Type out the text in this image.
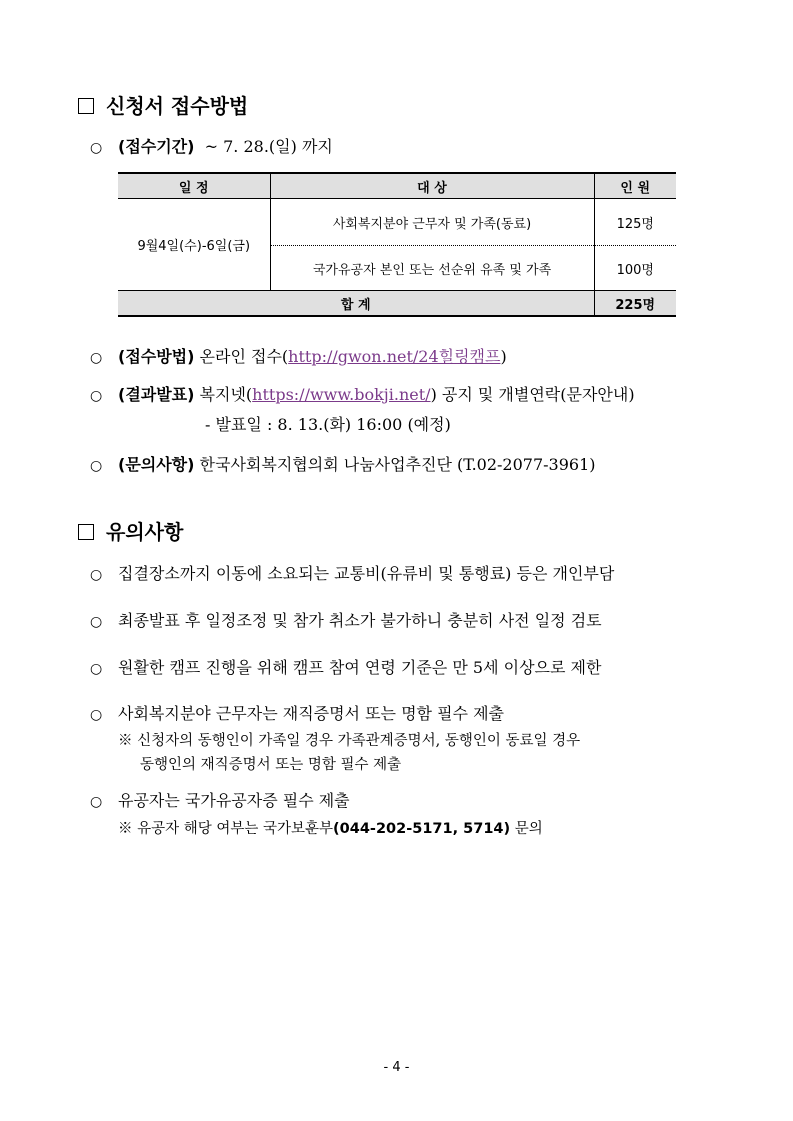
신청서 접수방법
○ (접수기간) ~ 7. 28.(일) 까지
일 정	대 상	인 원
9월4일(수)-6일(금)	사회복지분야 근무자 및 가족(동료)	125명
	국가유공자 본인 또는 선순위 유족 및 가족	100명
합 계		225명
○ (접수방법) 온라인 접수(http://gwon.net/24힐링캠프)
○ (결과발표) 복지넷(https://www.bokji.net/) 공지 및 개별연락(문자안내)
- 발표일 : 8. 13.(화) 16:00 (예정)
○ (문의사항) 한국사회복지협의회 나눔사업추진단 (T.02-2077-3961)
유의사항
○ 집결장소까지 이동에 소요되는 교통비(유류비 및 통행료) 등은 개인부담
○ 최종발표 후 일정조정 및 참가 취소가 불가하니 충분히 사전 일정 검토
○ 원활한 캠프 진행을 위해 캠프 참여 연령 기준은 만 5세 이상으로 제한
○ 사회복지분야 근무자는 재직증명서 또는 명함 필수 제출
※ 신청자의 동행인이 가족일 경우 가족관계증명서, 동행인이 동료일 경우
동행인의 재직증명서 또는 명함 필수 제출
○ 유공자는 국가유공자증 필수 제출
※ 유공자 해당 여부는 국가보훈부(044-202-5171, 5714) 문의
- 4 -
